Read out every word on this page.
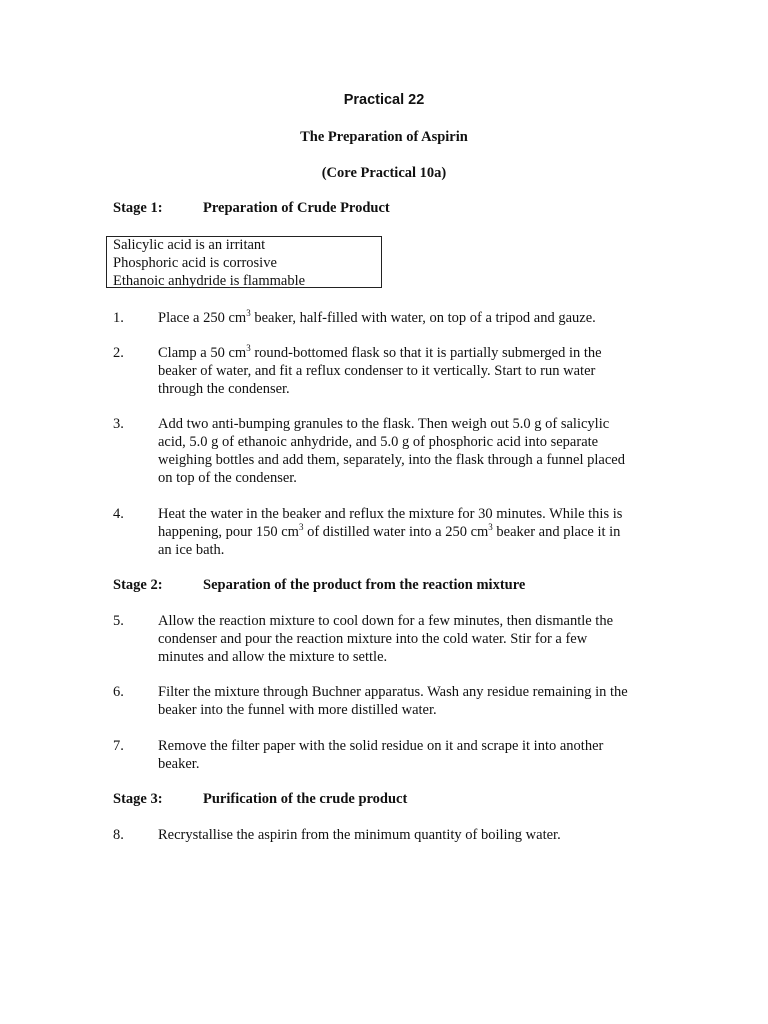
Practical 22
The Preparation of Aspirin
(Core Practical 10a)
Stage 1:	Preparation of Crude Product
Salicylic acid is an irritant
Phosphoric acid is corrosive
Ethanoic anhydride is flammable
1. Place a 250 $cm^3$ beaker, half-filled with water, on top of a tripod and gauze.
2. Clamp a 50 $cm^3$ round-bottomed flask so that it is partially submerged in the
beaker of water, and fit a reflux condenser to it vertically. Start to run water
through the condenser.
3. Add two anti-bumping granules to the flask. Then weigh out 5.0 g of salicylic
acid, 5.0 g of ethanoic anhydride, and 5.0 g of phosphoric acid into separate
weighing bottles and add them, separately, into the flask through a funnel placed
on top of the condenser.
4. Heat the water in the beaker and reflux the mixture for 30 minutes. While this is
happening, pour 150 $cm^3$ of distilled water into a 250 $cm^3$ beaker and place it in
an ice bath.
Stage 2:	Separation of the product from the reaction mixture
5. Allow the reaction mixture to cool down for a few minutes, then dismantle the
condenser and pour the reaction mixture into the cold water. Stir for a few
minutes and allow the mixture to settle.
6. Filter the mixture through Buchner apparatus. Wash any residue remaining in the
beaker into the funnel with more distilled water.
7. Remove the filter paper with the solid residue on it and scrape it into another
beaker.
Stage 3:	Purification of the crude product
8. Recrystallise the aspirin from the minimum quantity of boiling water.
